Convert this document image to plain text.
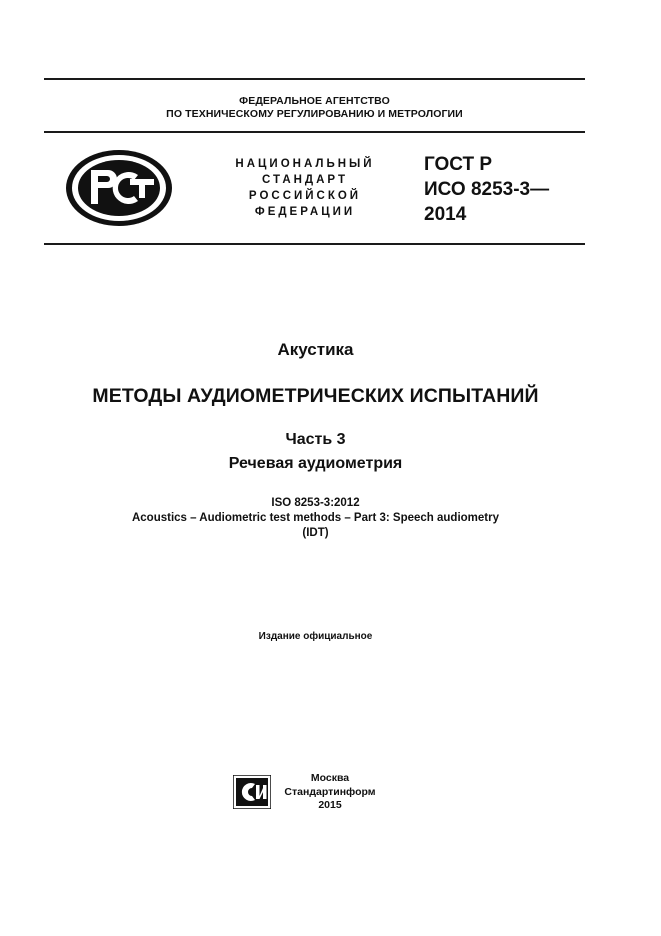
ФЕДЕРАЛЬНОЕ АГЕНТСТВО
ПО ТЕХНИЧЕСКОМУ РЕГУЛИРОВАНИЮ И МЕТРОЛОГИИ
НАЦИОНАЛЬНЫЙ
СТАНДАРТ
РОССИЙСКОЙ
ФЕДЕРАЦИИ
ГОСТ Р
ИСО 8253-3—
2014
Акустика
МЕТОДЫ АУДИОМЕТРИЧЕСКИХ ИСПЫТАНИЙ
Часть 3
Речевая аудиометрия
ISO 8253-3:2012
Acoustics – Audiometric test methods – Part 3: Speech audiometry
(IDT)
Издание официальное
Москва
Стандартинформ
2015
